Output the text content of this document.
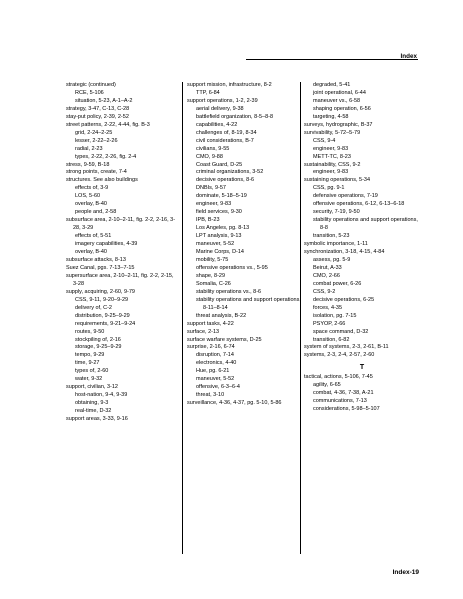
Index
strategic (continued)
RCE, 5-106
situation, 5-23, A-1–A-2
strategy, 3-47, C-13, C-28
stay-put policy, 2-39, 2-52
street patterns, 2-22, 4-44, fig. B-3
grid, 2-24–2-25
lesser, 2-22–2-26
radial, 2-23
types, 2-22, 2-26, fig. 2-4
stress, 9-59, B-18
strong points, create, 7-4
structures. See also buildings
effects of, 3-9
LOS, 5-60
overlay, B-40
people and, 2-58
subsurface area, 2-10–2-11, fig. 2-2, 2-16, 3-28, 3-29
effects of, 5-51
imagery capabilities, 4-39
overlay, B-40
subsurface attacks, 8-13
Suez Canal, pgs. 7-13–7-15
supersurface area, 2-10–2-11, fig. 2-2, 2-15, 3-28
supply, acquiring, 2-60, 9-79
CSS, 9-11, 9-20–9-29
delivery of, C-2
distribution, 9-25–9-29
requirements, 9-21–9-24
routes, 9-50
stockpiling of, 2-16
storage, 9-25–9-29
tempo, 9-29
time, 9-27
types of, 2-60
water, 9-32
support, civilian, 3-12
host-nation, 9-4, 9-39
obtaining, 9-3
real-time, D-32
support areas, 3-33, 9-16
support mission, infrastructure, 8-2
TTP, 6-84
support operations, 1-2, 2-39
aerial delivery, 9-38
battlefield organization, 8-5–8-8
capabilities, 4-22
challenges of, 8-19, 8-34
civil considerations, B-7
civilians, 9-55
CMO, 9-88
Coast Guard, D-25
criminal organizations, 3-52
decisive operations, 8-6
DNBIs, 9-57
dominate, 5-18–5-19
engineer, 9-83
field services, 9-30
IPB, B-23
Los Angeles, pg. 8-13
LPT analysis, 9-13
maneuver, 5-52
Marine Corps, D-14
mobility, 5-75
offensive operations vs., 5-95
shape, 8-29
Somalia, C-26
stability operations vs., 8-6
stability operations and support operations, 8-11–8-14
threat analysis, B-22
support tasks, 4-22
surface, 2-13
surface warfare systems, D-25
surprise, 2-16, 6-74
disruption, 7-14
electronics, 4-40
Hue, pg. 6-21
maneuver, 5-52
offensive, 6-3–6-4
threat, 3-10
surveillance, 4-36, 4-37, pg. 5-10, 5-86
degraded, 5-41
joint operational, 6-44
maneuver vs., 6-58
shaping operation, 6-56
targeting, 4-58
surveys, hydrographic, B-37
survivability, 5-72–5-79
CSS, 9-4
engineer, 9-83
METT-TC, 8-23
sustainability, CSS, 9-2
engineer, 9-83
sustaining operations, 5-34
CSS, pg. 9-1
defensive operations, 7-19
offensive operations, 6-12, 6-13–6-18
security, 7-19, 9-50
stability operations and support operations, 8-8
transition, 5-23
symbolic importance, 1-11
synchronization, 3-18, 4-15, 4-84
assess, pg. 5-9
Beirut, A-33
CMO, 2-66
combat power, 6-26
CSS, 9-2
decisive operations, 6-25
forces, 4-35
isolation, pg. 7-15
PSYOP, 2-66
space command, D-32
transition, 6-82
system of systems, 2-3, 2-61, B-11
systems, 2-3, 2-4, 2-57, 2-60
T
tactical, actions, 5-106, 7-45
agility, 6-65
combat, 4-36, 7-38, A-21
communications, 7-13
considerations, 5-98–5-107
Index-19
